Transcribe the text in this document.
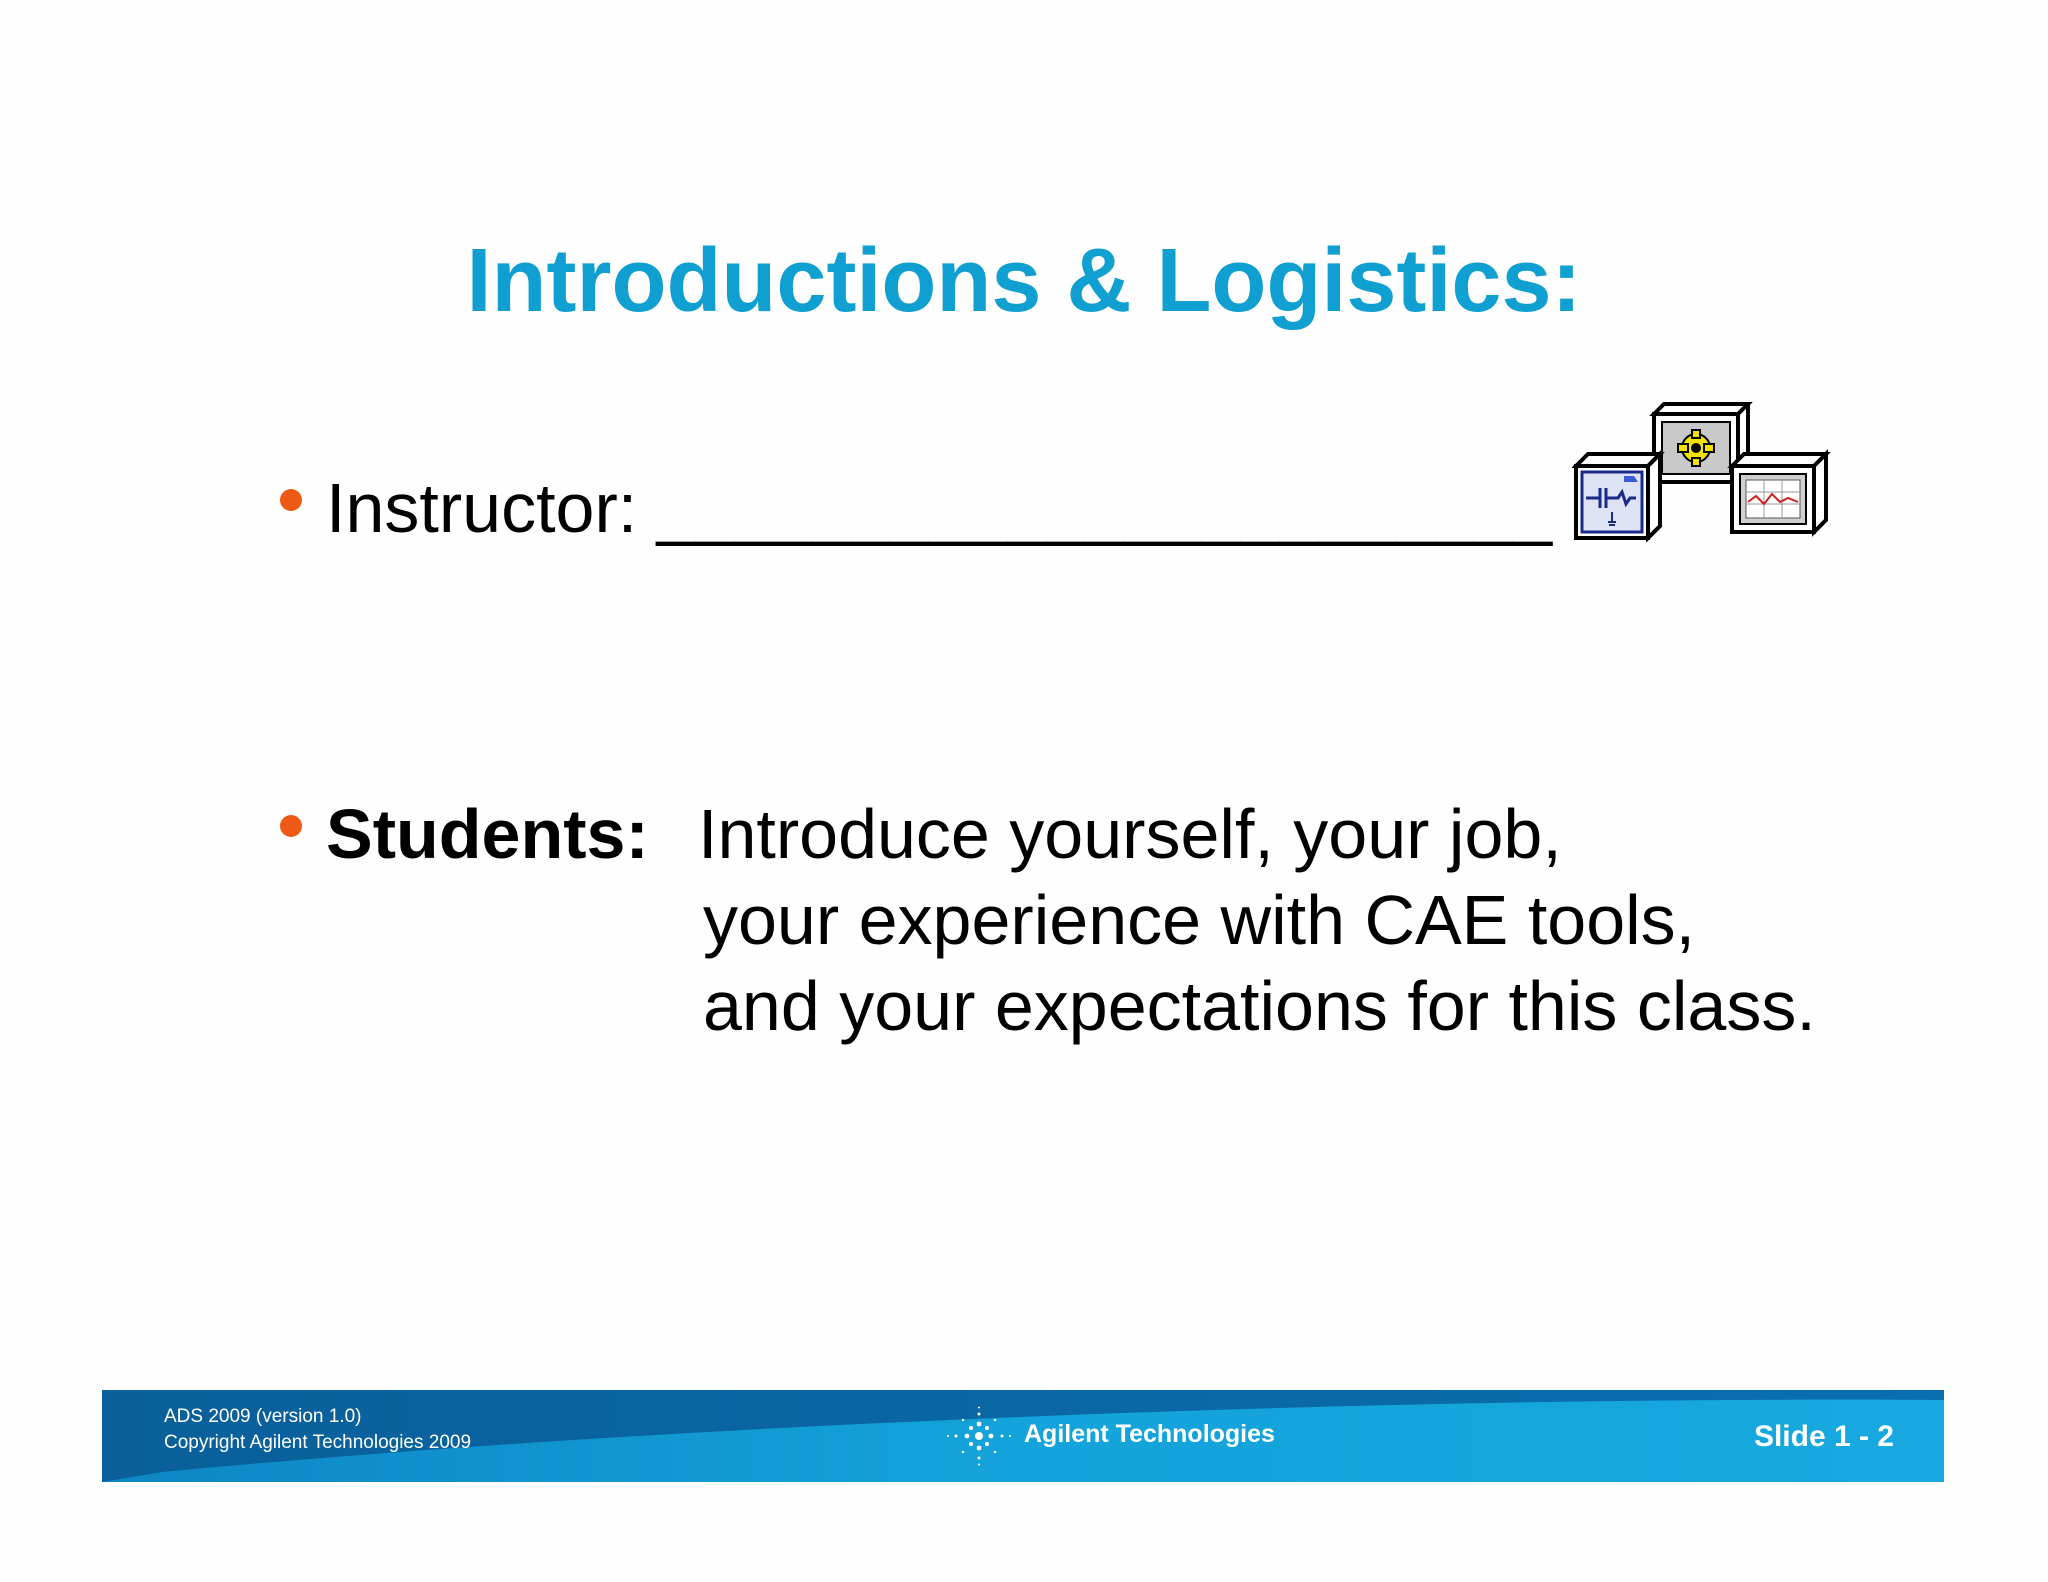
Introductions & Logistics:
Instructor: _______________________
Students: Introduce yourself, your job,
your experience with CAE tools,
and your expectations for this class.
ADS 2009 (version 1.0)
Copyright Agilent Technologies 2009	Agilent Technologies	Slide 1 - 2
